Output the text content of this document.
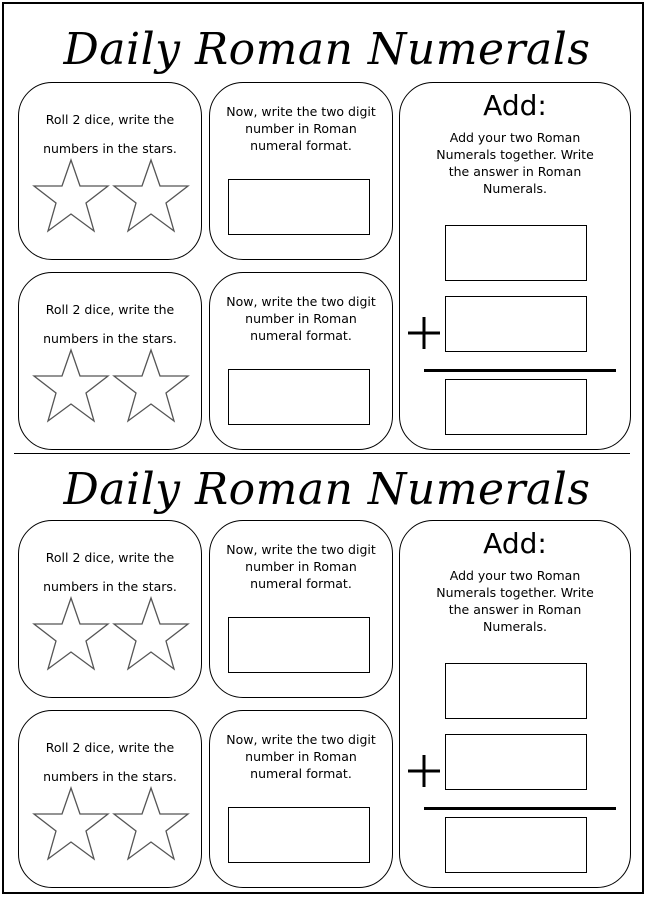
Daily Roman Numerals
Roll 2 dice, write the numbers in the stars.
Now, write the two digit number in Roman numeral format.
Roll 2 dice, write the numbers in the stars.
Now, write the two digit number in Roman numeral format.
Add:
Add your two Roman Numerals together. Write the answer in Roman Numerals.
Daily Roman Numerals
Roll 2 dice, write the numbers in the stars.
Now, write the two digit number in Roman numeral format.
Roll 2 dice, write the numbers in the stars.
Now, write the two digit number in Roman numeral format.
Add:
Add your two Roman Numerals together. Write the answer in Roman Numerals.
